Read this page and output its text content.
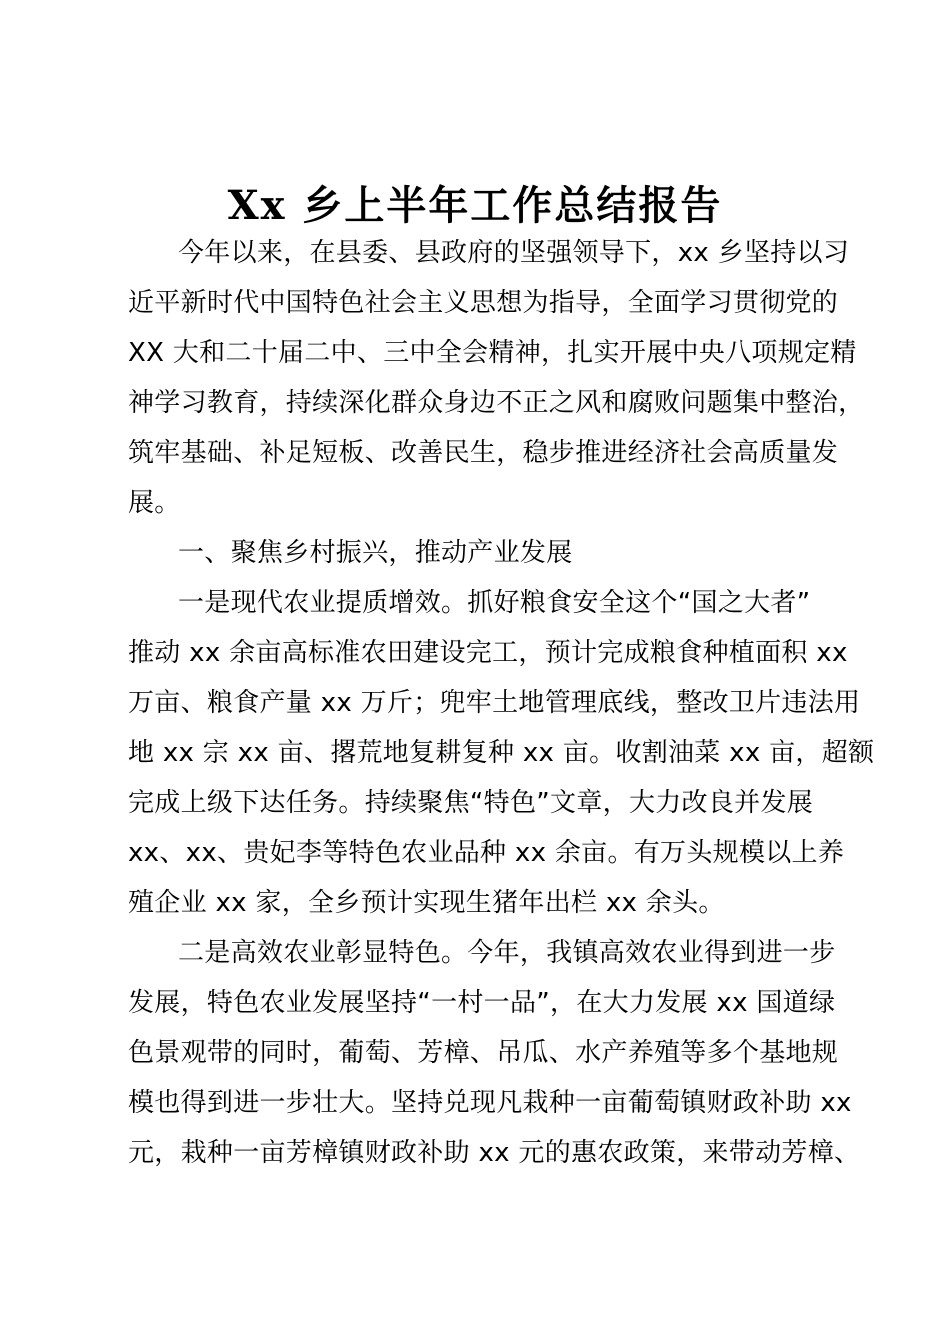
Xx 乡上半年工作总结报告
今年以来，在县委、县政府的坚强领导下，xx 乡坚持以习
近平新时代中国特色社会主义思想为指导，全面学习贯彻党的
XX 大和二十届二中、三中全会精神，扎实开展中央八项规定精
神学习教育，持续深化群众身边不正之风和腐败问题集中整治，
筑牢基础、补足短板、改善民生，稳步推进经济社会高质量发
展。
一、聚焦乡村振兴，推动产业发展
一是现代农业提质增效。抓好粮食安全这个“国之大者”
推动 xx 余亩高标准农田建设完工，预计完成粮食种植面积 xx
万亩、粮食产量 xx 万斤；兜牢土地管理底线，整改卫片违法用
地 xx 宗 xx 亩、撂荒地复耕复种 xx 亩。收割油菜 xx 亩，超额
完成上级下达任务。持续聚焦“特色”文章，大力改良并发展
xx、xx、贵妃李等特色农业品种 xx 余亩。有万头规模以上养
殖企业 xx 家，全乡预计实现生猪年出栏 xx 余头。
二是高效农业彰显特色。今年，我镇高效农业得到进一步
发展，特色农业发展坚持“一村一品”，在大力发展 xx 国道绿
色景观带的同时，葡萄、芳樟、吊瓜、水产养殖等多个基地规
模也得到进一步壮大。坚持兑现凡栽种一亩葡萄镇财政补助 xx
元，栽种一亩芳樟镇财政补助 xx 元的惠农政策，来带动芳樟、
